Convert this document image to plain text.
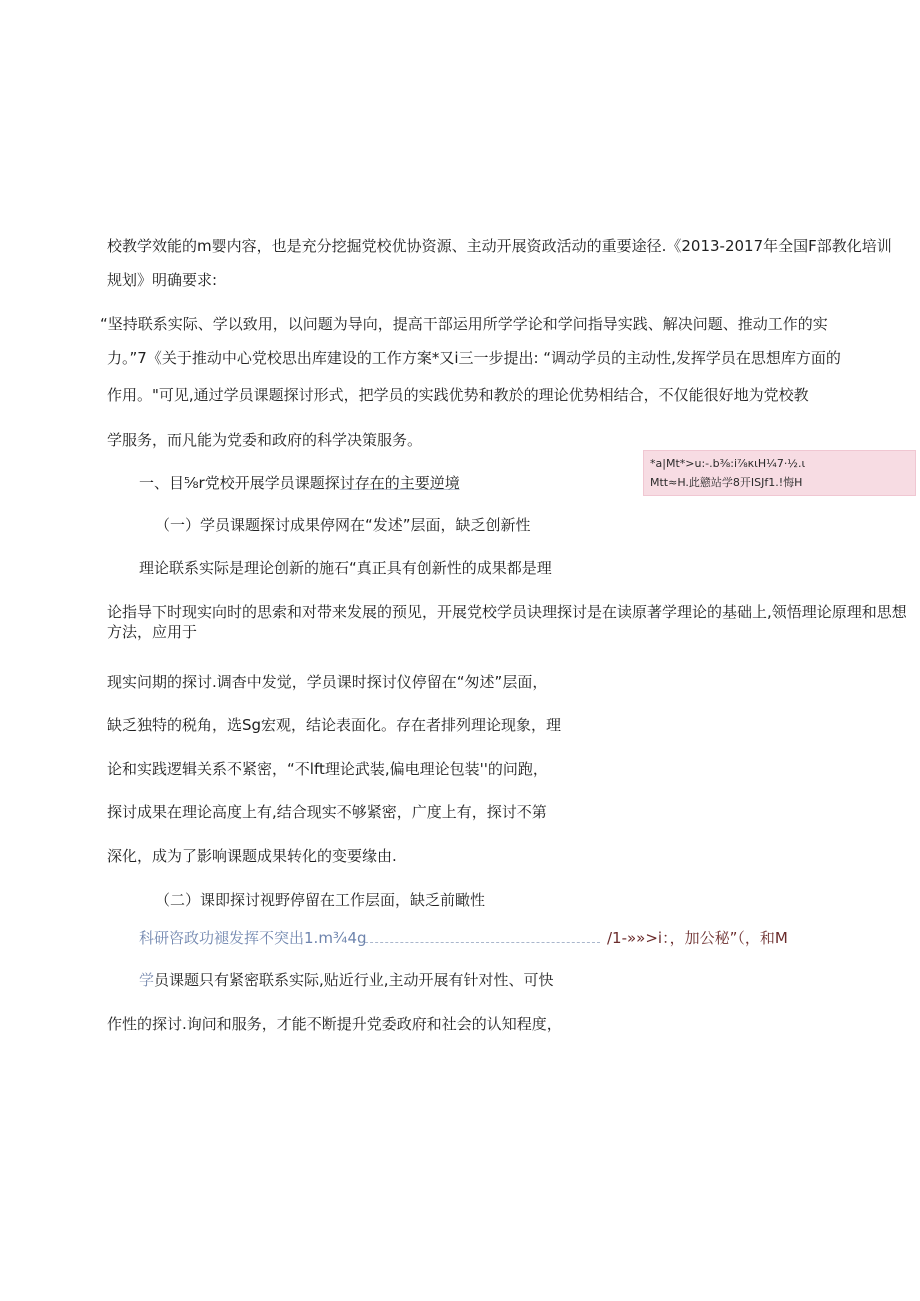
校教学效能的m婴内容，也是充分挖掘党校优协资源、主动开展资政活动的重要途径.《2013-2017年全国F部教化培训
规划》明确要求:
“坚持联系实际、学以致用，以问题为导向，提高干部运用所学学论和学问指导实践、解决问题、推动工作的实
力。”7《关于推动中心党校思出库建设的工作方案*又i三一步提出: “调动学员的主动性,发挥学员在思想库方面的
作用。"可见,通过学员课题探讨形式，把学员的实践优势和教於的理论优势相结合，不仅能很好地为党校教
学服务，而凡能为党委和政府的科学决策服务。
一、目⅝r党校开展学员课题探讨存在的主要逆境
*a|Mt*>u:-.b⅜:i⅞κιH¼7·½.ι
Mtt≈H.此戆站学8开ISJf1.!悔H
（一）学员课题探讨成果停网在“发述”层面，缺乏创新性
理论联系实际是理论创新的施石“真正具有创新性的成果都是理
论指导下时现实向时的思索和对带来发展的预见，开展党校学员诀理探讨是在读原著学理论的基础上,领悟理论原理和思想方法，应用于
现实问期的探讨.调杳中发觉，学员课时探讨仪停留在“匆述”层面，
缺乏独特的税角，选Sg宏观，结论表面化。存在者排列理论现象，理
论和实践逻辑关系不紧密，“不lft理论武装,偏电理论包装''的问跑，
探讨成果在理论高度上有,结合现实不够紧密，广度上有，探讨不第
深化，成为了影响课题成果转化的变要缘由.
（二）课即探讨视野停留在工作层面，缺乏前瞰性
科研咨政功褪发挥不突出1.m¾4g	/1-»»>i：，加公秘”（，和M
学员课题只有紧密联系实际,贴近行业,主动开展有针对性、可快
作性的探讨.询问和服务，才能不断提升党委政府和社会的认知程度，
